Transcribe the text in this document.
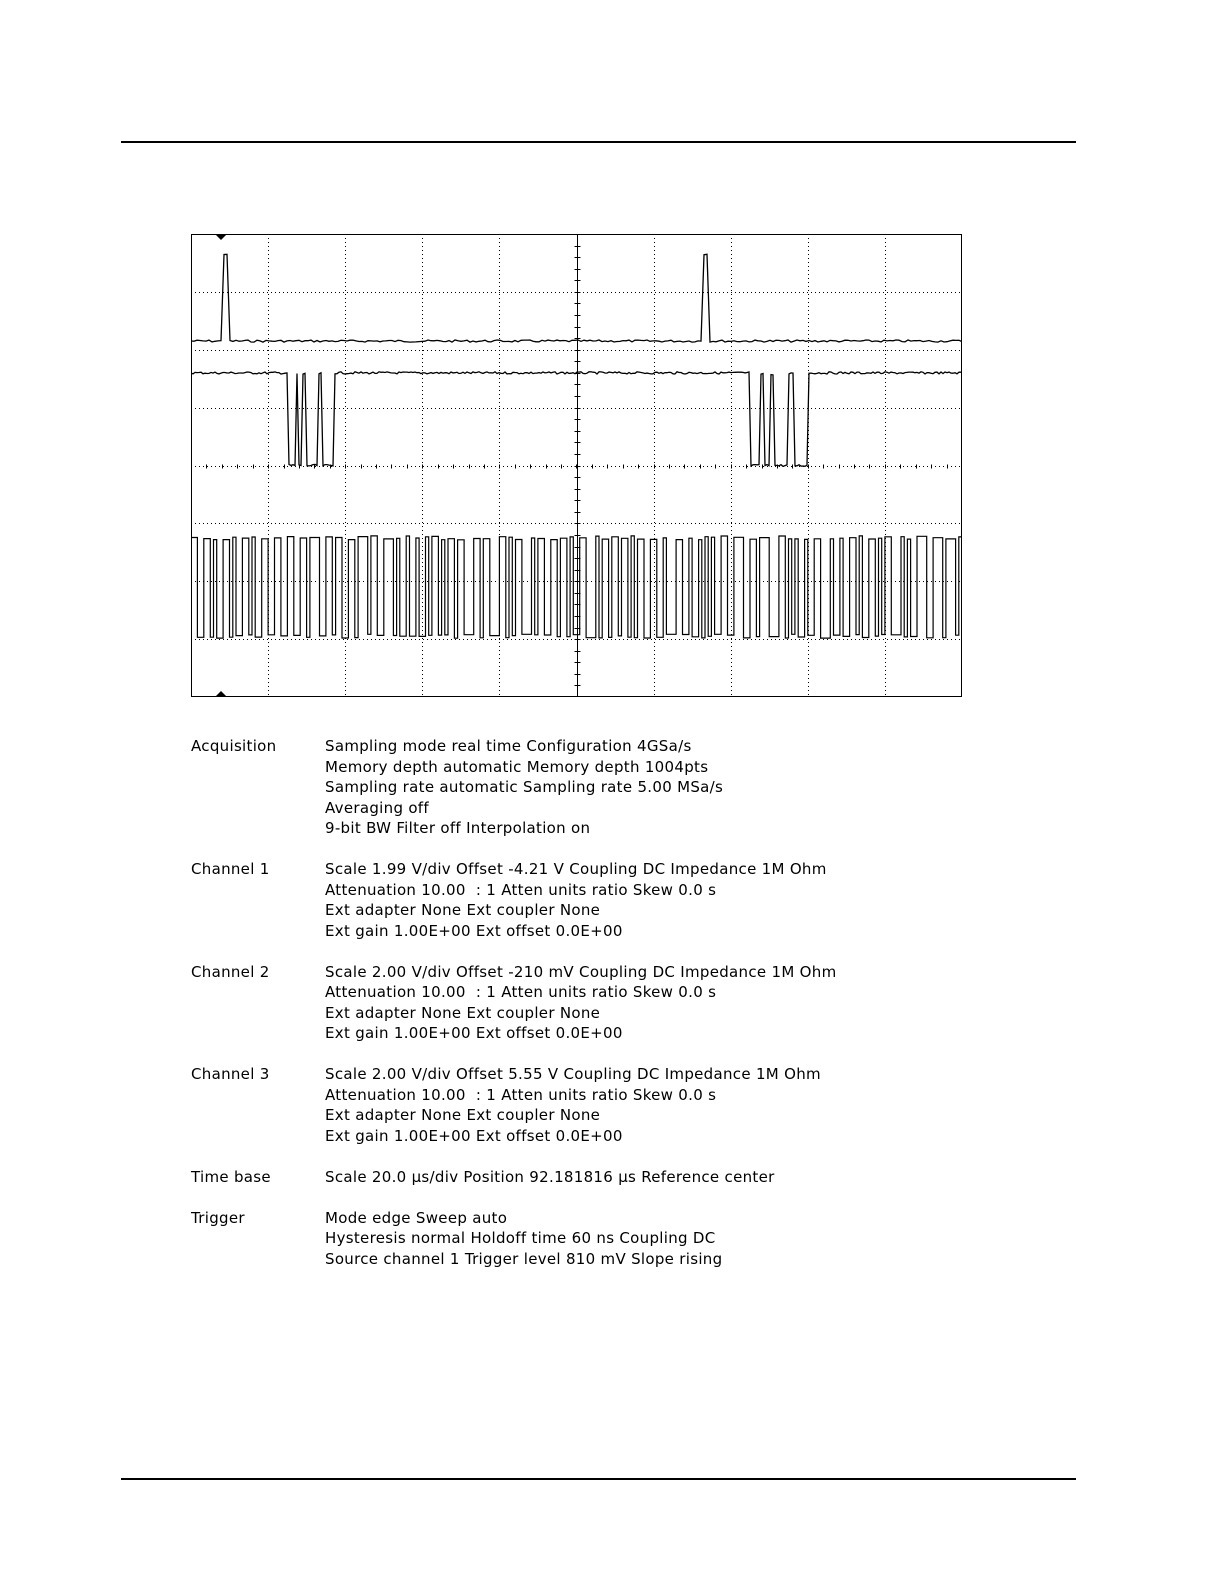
Acquisition	Sampling mode real time Configuration 4GSa/s
Memory depth automatic Memory depth 1004pts
Sampling rate automatic Sampling rate 5.00 MSa/s
Averaging off
9-bit BW Filter off Interpolation on
Channel 1	Scale 1.99 V/div Offset -4.21 V Coupling DC Impedance 1M Ohm
Attenuation 10.00  : 1 Atten units ratio Skew 0.0 s
Ext adapter None Ext coupler None
Ext gain 1.00E+00 Ext offset 0.0E+00
Channel 2	Scale 2.00 V/div Offset -210 mV Coupling DC Impedance 1M Ohm
Attenuation 10.00  : 1 Atten units ratio Skew 0.0 s
Ext adapter None Ext coupler None
Ext gain 1.00E+00 Ext offset 0.0E+00
Channel 3	Scale 2.00 V/div Offset 5.55 V Coupling DC Impedance 1M Ohm
Attenuation 10.00  : 1 Atten units ratio Skew 0.0 s
Ext adapter None Ext coupler None
Ext gain 1.00E+00 Ext offset 0.0E+00
Time base	Scale 20.0 µs/div Position 92.181816 µs Reference center
Trigger	Mode edge Sweep auto
Hysteresis normal Holdoff time 60 ns Coupling DC
Source channel 1 Trigger level 810 mV Slope rising
